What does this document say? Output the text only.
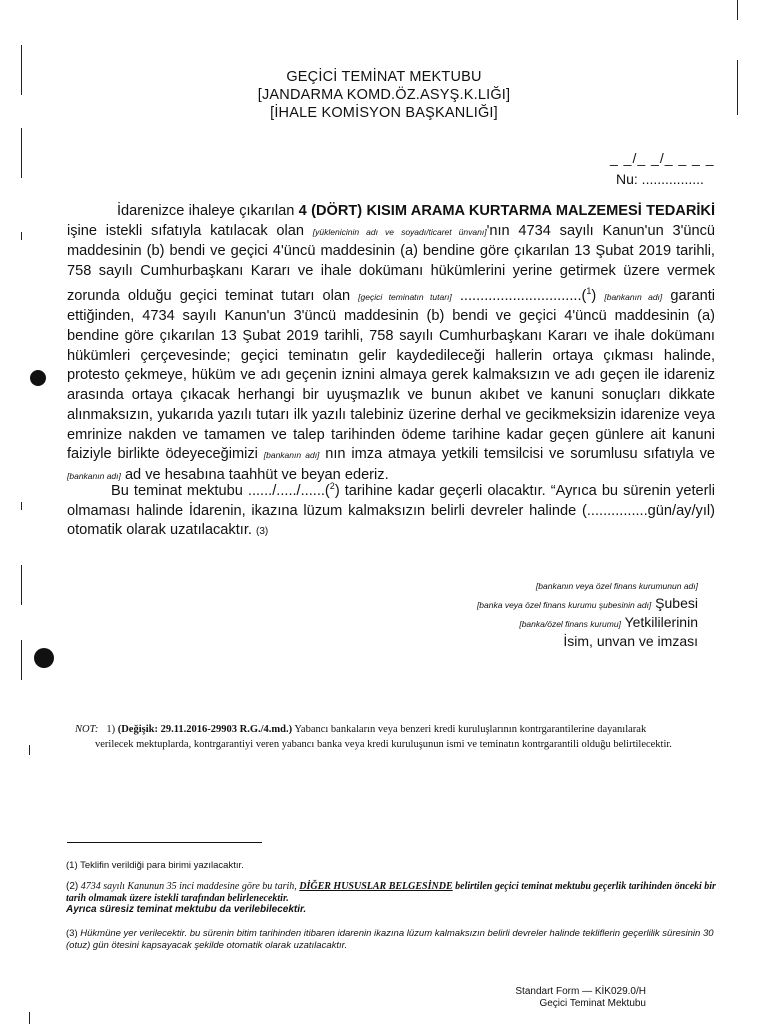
GEÇİCİ TEMİNAT MEKTUBU
[JANDARMA KOMD.ÖZ.ASYŞ.K.LIĞI]
[İHALE KOMİSYON BAŞKANLIĞI]
_ _/_ _/_ _ _ _
Nu: ................

İdarenizce ihaleye çıkarılan 4 (DÖRT) KISIM ARAMA KURTARMA MALZEMESİ TEDARİKİ işine istekli sıfatıyla katılacak olan [yüklenicinin adı ve soyadı/ticaret ünvanı]'nın 4734 sayılı Kanun'un 3'üncü maddesinin (b) bendi ve geçici 4'üncü maddesinin (a) bendine göre çıkarılan 13 Şubat 2019 tarihli, 758 sayılı Cumhurbaşkanı Kararı ve ihale dokümanı hükümlerini yerine getirmek üzere vermek zorunda olduğu geçici teminat tutarı olan [geçici teminatın tutarı] ..............................($^1$) [bankanın adı] garanti ettiğinden, 4734 sayılı Kanun'un 3'üncü maddesinin (b) bendi ve geçici 4'üncü maddesinin (a) bendine göre çıkarılan 13 Şubat 2019 tarihli, 758 sayılı Cumhurbaşkanı Kararı ve ihale dokümanı hükümleri çerçevesinde; geçici teminatın gelir kaydedileceği hallerin ortaya çıkması halinde, protesto çekmeye, hüküm ve adı geçenin iznini almaya gerek kalmaksızın ve adı geçen ile idareniz arasında ortaya çıkacak herhangi bir uyuşmazlık ve bunun akıbet ve kanuni sonuçları dikkate alınmaksızın, yukarıda yazılı tutarı ilk yazılı talebiniz üzerine derhal ve gecikmeksizin idarenize veya emrinize nakden ve tamamen ve talep tarihinden ödeme tarihine kadar geçen günlere ait kanuni faiziyle birlikte ödeyeceğimizi [bankanın adı] nın imza atmaya yetkili temsilcisi ve sorumlusu sıfatıyla ve [bankanın adı] ad ve hesabına taahhüt ve beyan ederiz.

Bu teminat mektubu ....../...../......($^2$) tarihine kadar geçerli olacaktır. “Ayrıca bu sürenin yeterli olmaması halinde İdarenin, ikazına lüzum kalmaksızın belirli devreler halinde (...............gün/ay/yıl) otomatik olarak uzatılacaktır. (3)

[bankanın veya özel finans kurumunun adı]
[banka veya özel finans kurumu şubesinin adı] Şubesi
[banka/özel finans kurumu] Yetkililerinin
İsim, unvan ve imzası
NOT: 1) (Değişik: 29.11.2016-29903 R.G./4.md.) Yabancı bankaların veya benzeri kredi kuruluşlarının kontrgarantilerine dayanılarak
verilecek mektuplarda, kontrgarantiyi veren yabancı banka veya kredi kuruluşunun ismi ve teminatın kontrgarantili olduğu belirtilecektir.
(1) Teklifin verildiği para birimi yazılacaktır.
(2) 4734 sayılı Kanunun 35 inci maddesine göre bu tarih, DİĞER HUSUSLAR BELGESİNDE belirtilen geçici teminat mektubu geçerlik tarihinden önceki bir tarih olmamak üzere istekli tarafından belirlenecektir.
Ayrıca süresiz teminat mektubu da verilebilecektir.
(3) Hükmüne yer verilecektir. bu sürenin bitim tarihinden itibaren idarenin ikazına lüzum kalmaksızın belirli devreler halinde tekliflerin geçerlilik süresinin 30 (otuz) gün ötesini kapsayacak şekilde otomatik olarak uzatılacaktır.
Standart Form — KİK029.0/H
Geçici Teminat Mektubu
